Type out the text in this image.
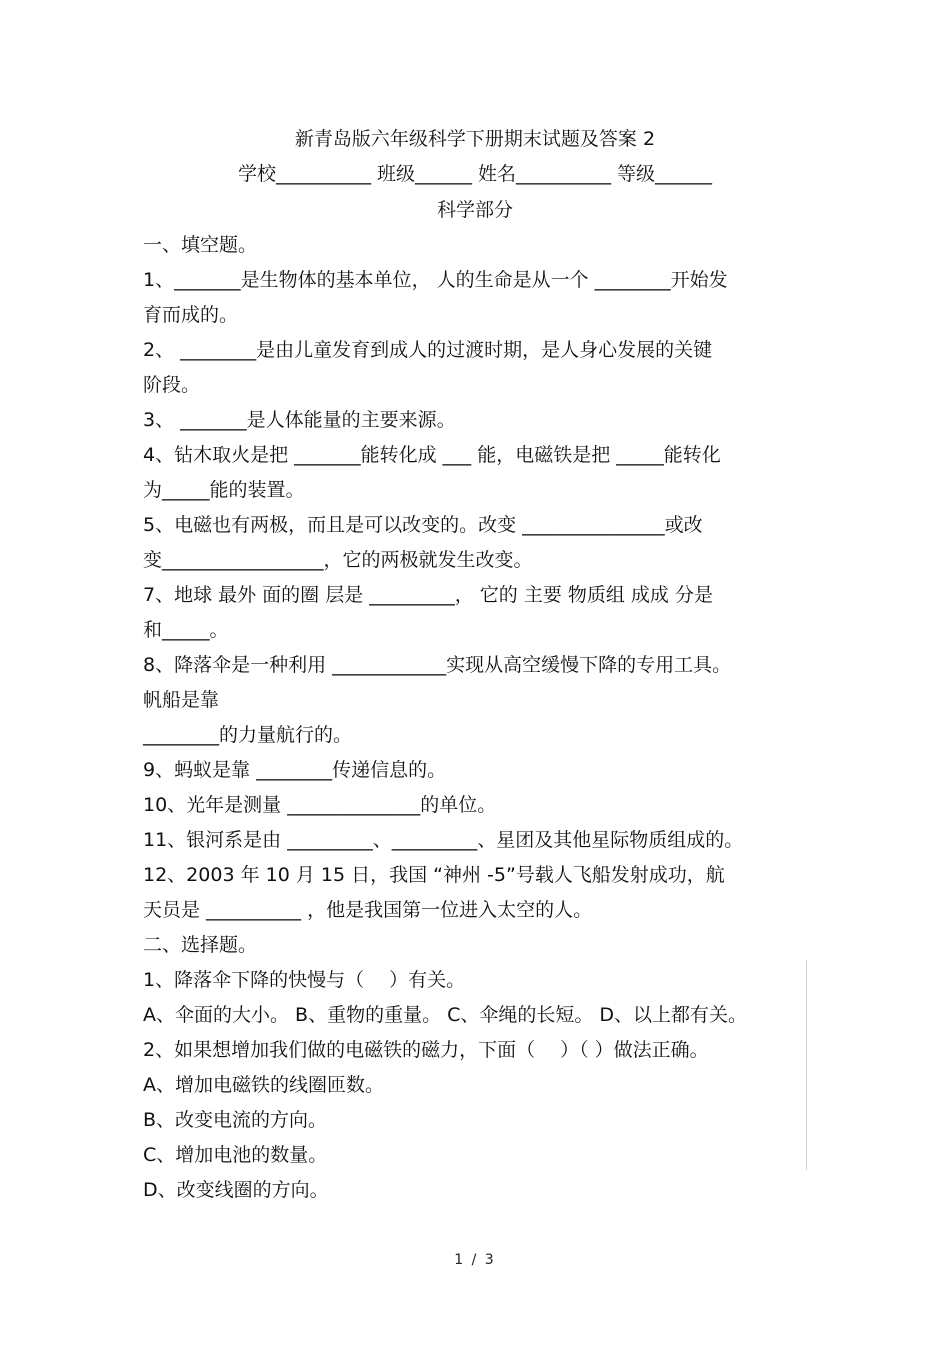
新青岛版六年级科学下册期末试题及答案 2
学校__________ 班级______ 姓名__________ 等级______
科学部分
一、填空题。
1、_______是生物体的基本单位， 人的生命是从一个 ________开始发
育而成的。
2、 ________是由儿童发育到成人的过渡时期，是人身心发展的关键
阶段。
3、 _______是人体能量的主要来源。
4、钻木取火是把 _______能转化成 ___ 能，电磁铁是把 _____能转化
为_____能的装置。
5、电磁也有两极，而且是可以改变的。改变 _______________或改
变_________________，它的两极就发生改变。
7、地球 最外 面的圈 层是 _________， 它的 主要 物质组 成成 分是
和_____。
8、降落伞是一种利用 ____________实现从高空缓慢下降的专用工具。
帆船是靠
________的力量航行的。
9、蚂蚁是靠 ________传递信息的。
10、光年是测量 ______________的单位。
11、银河系是由 _________、_________、星团及其他星际物质组成的。
12、2003 年 10 月 15 日，我国 “神州 -5”号载人飞船发射成功，航
天员是 __________ ，他是我国第一位进入太空的人。
二、选择题。
1、降落伞下降的快慢与（　 ）有关。
A、伞面的大小。 B、重物的重量。 C、伞绳的长短。 D、以上都有关。
2、如果想增加我们做的电磁铁的磁力，下面（　 ）（ ）做法正确。
A、增加电磁铁的线圈匝数。
B、改变电流的方向。
C、增加电池的数量。
D、改变线圈的方向。
1 / 3
